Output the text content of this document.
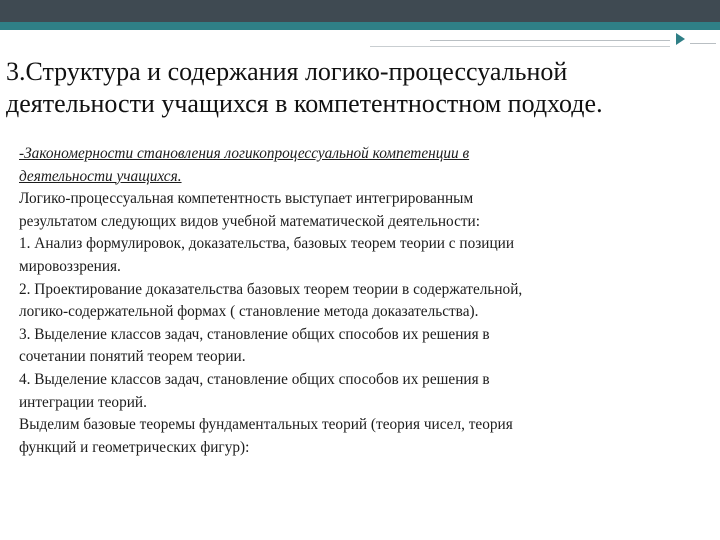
3.Структура и содержания логико-процессуальной
деятельности учащихся в компетентностном подходе.
-Закономерности становления логикопроцессуальной компетенции в
деятельности учащихся.
Логико-процессуальная компетентность выступает интегрированным
результатом следующих видов учебной математической деятельности:
1. Анализ формулировок, доказательства, базовых теорем теории с позиции
мировоззрения.
2. Проектирование доказательства базовых теорем теории в содержательной,
логико-содержательной формах ( становление метода доказательства).
3. Выделение классов задач, становление общих способов их решения в
сочетании понятий теорем теории.
4. Выделение классов задач, становление общих способов их решения в
интеграции теорий.
Выделим базовые теоремы фундаментальных теорий (теория чисел, теория
функций и геометрических фигур):
